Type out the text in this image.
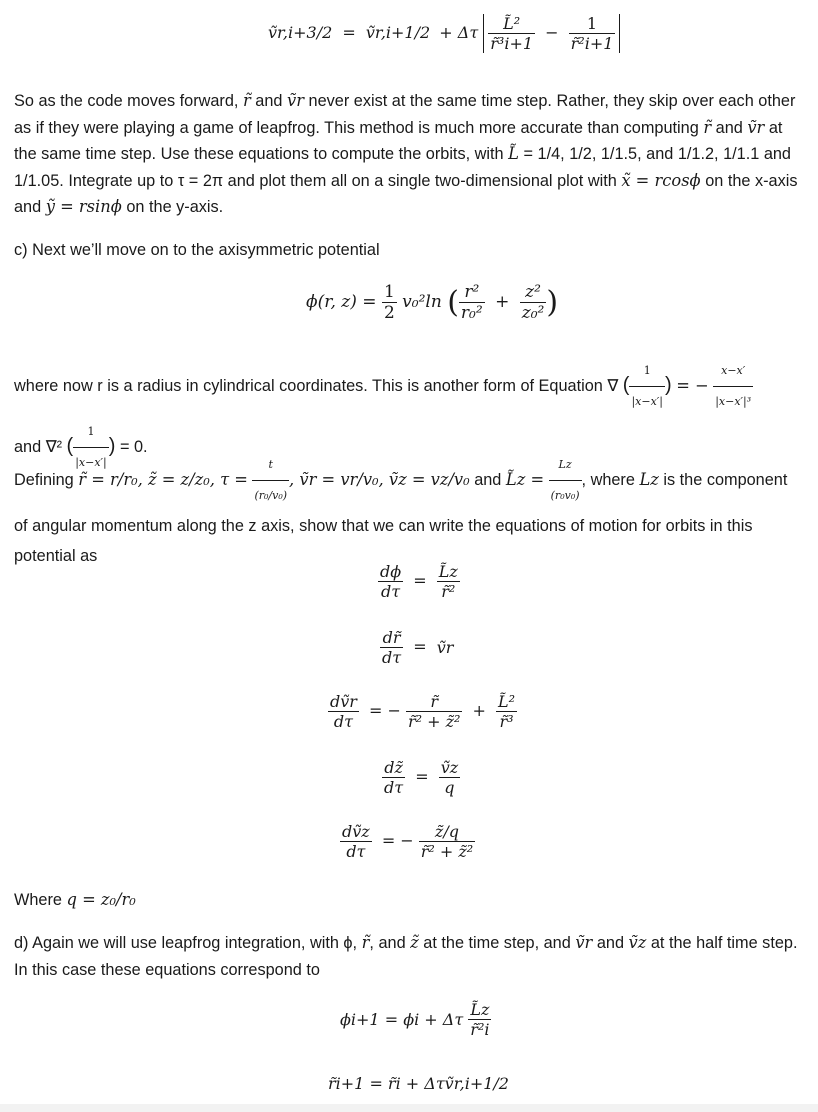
ṽr,i+3/2 = ṽr,i+1/2 + Δτ $\frac{\text{L̃²}}{\text{r̃³i+1}} - \frac{1}{\text{r̃²i+1}}$

So as the code moves forward, r̃ and ṽr never exist at the same time step. Rather, they skip over each other as if they were playing a game of leapfrog. This method is much more accurate than computing r̃ and ṽr at the same time step. Use these equations to compute the orbits, with L̃ = 1/4, 1/2, 1/1.5, and 1/1.2, 1/1.1 and 1/1.05. Integrate up to τ = 2π and plot them all on a single two-dimensional plot with x̃ = rcosϕ on the x-axis and ỹ = rsinϕ on the y-axis.

c) Next we’ll move on to the axisymmetric potential

ϕ(r, $z) = \frac{1}{2} v_0^2\ln$ ( $\frac{\text{r²}}{\text{r₀²}} + \frac{\text{z²}}{\text{z₀²}}$ )

where now r is a radius in cylindrical coordinates. This is another form of Equation ∇ ( $\frac{1}{|x-x'|}$ ) = − $\frac{x-x'}{\text{|x−x′|³}}$

and ∇² ( $\frac{1}{|x-x'|}$ ) = 0.

Defining r̃ = r/r₀, z̃ = z/z₀, $\tau = \frac{t}{\text{(r₀/v₀)}}$ , ṽr = vr/v₀, ṽz = vz/v₀ and L̃z = $\frac{Lz}{\text{(r₀v₀)}}$ , where Lz is the component of angular momentum along the z axis, show that we can write the equations of motion for orbits in this potential as

$\frac{d\phi}{d\tau} = \frac{L̃z}{\text{r̃²}}$
$\frac{dr̃}{d\tau}$ = ṽr
$\frac{\text{dṽr}}{d\tau}$ = − $\frac{r̃}{\text{r̃² + z̃²}} + \frac{\text{L̃²}}{\text{r̃³}}$
$\frac{dz̃}{d\tau} = \frac{\text{ṽz}}{q}$
$\frac{\text{dṽz}}{d\tau}$ = − $\frac{z̃/q}{\text{r̃² + z̃²}}$

Where q = z₀/r₀

d) Again we will use leapfrog integration, with ϕ, r̃, and z̃ at the time step, and ṽr and ṽz at the half time step. In this case these equations correspond to

ϕi+1 = ϕi + Δτ $\frac{L̃z}{\text{r̃²i}}$
r̃i+1 = r̃i + Δτṽr,i+1/2
